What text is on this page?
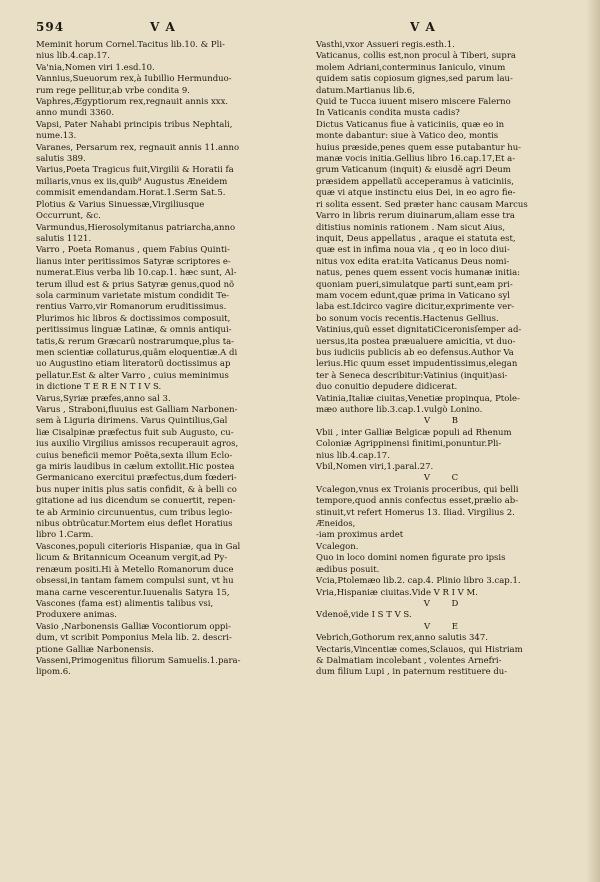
594	V A	V A
Meminit horum Cornel.Tacitus lib.10. & Pli-
nius lib.4.cap.17.
Va'nia,Nomen viri 1.esd.10.
Vannius,Sueuorum rex,à Iubillio Hermunduo-
rum rege pellitur,ab vrbe condita 9.
Vaphres,Ægyptiorum rex,regnauit annis xxx.
anno mundi 3360.
Vapsi, Pater Nahabi principis tribus Nephtali,
nume.13.
Varanes, Persarum rex, regnauit annis 11.anno
salutis 389.
Varius,Poeta Tragicus fuit,Virgilii & Horatii fa
miliaris,vnus ex iis,quib⁹ Augustus Æneidem
commisit emendandam.Horat.1.Serm Sat.5.
Plotius & Varius Sinuessæ,Virgiliusque
Occurrunt, &c.
Varmundus,Hierosolymitanus patriarcha,anno
salutis 1121.
Varro , Poeta Romanus , quem Fabius Quinti-
lianus inter peritissimos Satyræ scriptores e-
numerat.Eius verba lib 10.cap.1. hæc sunt, Al-
terum illud est & prius Satyræ genus,quod nõ
sola carminum varietate mistum condidit Te-
rentius Varro,vir Romanorum eruditissimus.
Plurimos hic libros & doctissimos composuit,
peritissimus linguæ Latinæ, & omnis antiqui-
tatis,& rerum Græcarũ nostrarumque,plus ta-
men scientiæ collaturus,quãm eloquentiæ.A di
uo Augustino etiam literatorũ doctissimus ap
pellatur.Est & alter Varro , cuius meminimus
in dictione T E R E N T I V S.
Varus,Syriæ præfes,anno sal 3.
Varus , Straboni,fluuius est Galliam Narbonen-
sem à Liguria dirimens. Varus Quintilius,Gal
liæ Cisalpinæ præfectus fuit sub Augusto, cu-
ius auxilio Virgilius amissos recuperauit agros,
cuius beneficii memor Poëta,sexta illum Eclo-
ga miris laudibus in cælum extollit.Hic postea
Germanicano exercitui præfectus,dum fœderi-
bus nuper initis plus satis confidit, & à belli co
gitatione ad ius dicendum se conuertit, repen-
te ab Arminio circunuentus, cum tribus legio-
nibus obtrũcatur.Mortem eius deflet Horatius
libro 1.Carm.
Vascones,populi citerioris Hispaniæ, qua in Gal
licum & Britannicum Oceanum vergit,ad Py-
renæum positi.Hi à Metello Romanorum duce
obsessi,in tantam famem compulsi sunt, vt hu
mana carne vescerentur.Iuuenalis Satyra 15,
Vascones (fama est) alimentis talibus vsi,
Produxere animas.
Vasio ,Narbonensis Galliæ Vocontiorum oppi-
dum, vt scribit Pomponius Mela lib. 2. descri-
ptione Galliæ Narbonensis.
Vasseni,Primogenitus filiorum Samuelis.1.para-
lipom.6.
Vasthi,vxor Assueri regis.esth.1.
Vaticanus, collis est,non procul à Tiberi, supra
molem Adriani,conterminus Ianiculo, vinum
quidem satis copiosum gignes,sed parum lau-
datum.Martianus lib.6,
Quid te Tucca iuuent misero miscere Falerno
In Vaticanis condita musta cadis?
Dictus Vaticanus fiue à vaticiniis, quæ eo in
monte dabantur: siue à Vatico deo, montis
huius præside,penes quem esse putabantur hu-
manæ vocis initia.Gellius libro 16.cap.17,Et a-
grum Vaticanum (inquit) & eiusdẽ agri Deum
præsidem appellatũ acceperamus à vaticiniis,
quæ vi atque instinctu eius Dei, in eo agro fie-
ri solita essent. Sed præter hanc causam Marcus
Varro in libris rerum diuinarum,aliam esse tra
ditistius nominis rationem . Nam sicut Aius,
inquit, Deus appellatus , araque ei statuta est,
quæ est in infima noua via , q eo in loco diui-
nitus vox edita erat:ita Vaticanus Deus nomi-
natus, penes quem essent vocis humanæ initia:
quoniam pueri,simulatque parti sunt,eam pri-
mam vocem edunt,quæ prima in Vaticano syl
laba est.Idcirco vagire dicitur,exprimente ver-
bo sonum vocis recentis.Hactenus Gellius.
Vatinius,quũ esset dignitatiCiceronisſemper ad-
uersus,ita postea præualuere amicitia, vt duo-
bus iudiciis publicis ab eo defensus.Author Va
lerius.Hic quum esset impudentissimus,elegan
ter à Seneca describitur:Vatinius (inquit)asi-
duo conuitio depudere didicerat.
Vatinia,Italiæ ciuitas,Venetiæ propinqua, Ptole-
mæo authore lib.3.cap.1.vulgò Lonino.
V        B
Vbii , inter Galliæ Belgicæ populi ad Rhenum
Coloniæ Agrippinensi finitimi,ponuntur.Pli-
nius lib.4.cap.17.
Vbil,Nomen viri,1.paral.27.
V        C
Vcalegon,vnus ex Troianis proceribus, qui belli
tempore,quod annis confectus esset,prælio ab-
stinuit,vt refert Homerus 13. Iliad. Virgilius 2.
Æneidos,
-iam proximus ardet
Vcalegon.
Quo in loco domini nomen figurate pro ipsis
ædibus posuit.
Vcia,Ptolemæo lib.2. cap.4. Plinio libro 3.cap.1.
Vria,Hispaniæ ciuitas.Vide V R I V M.
V        D
Vdenoë,vide I S T V S.
V        E
Vebrich,Gothorum rex,anno salutis 347.
Vectaris,Vincentiæ comes,Sclauos, qui Histriam
& Dalmatiam incolebant , volentes Arnefri-
dum filium Lupi , in paternum restituere du-
